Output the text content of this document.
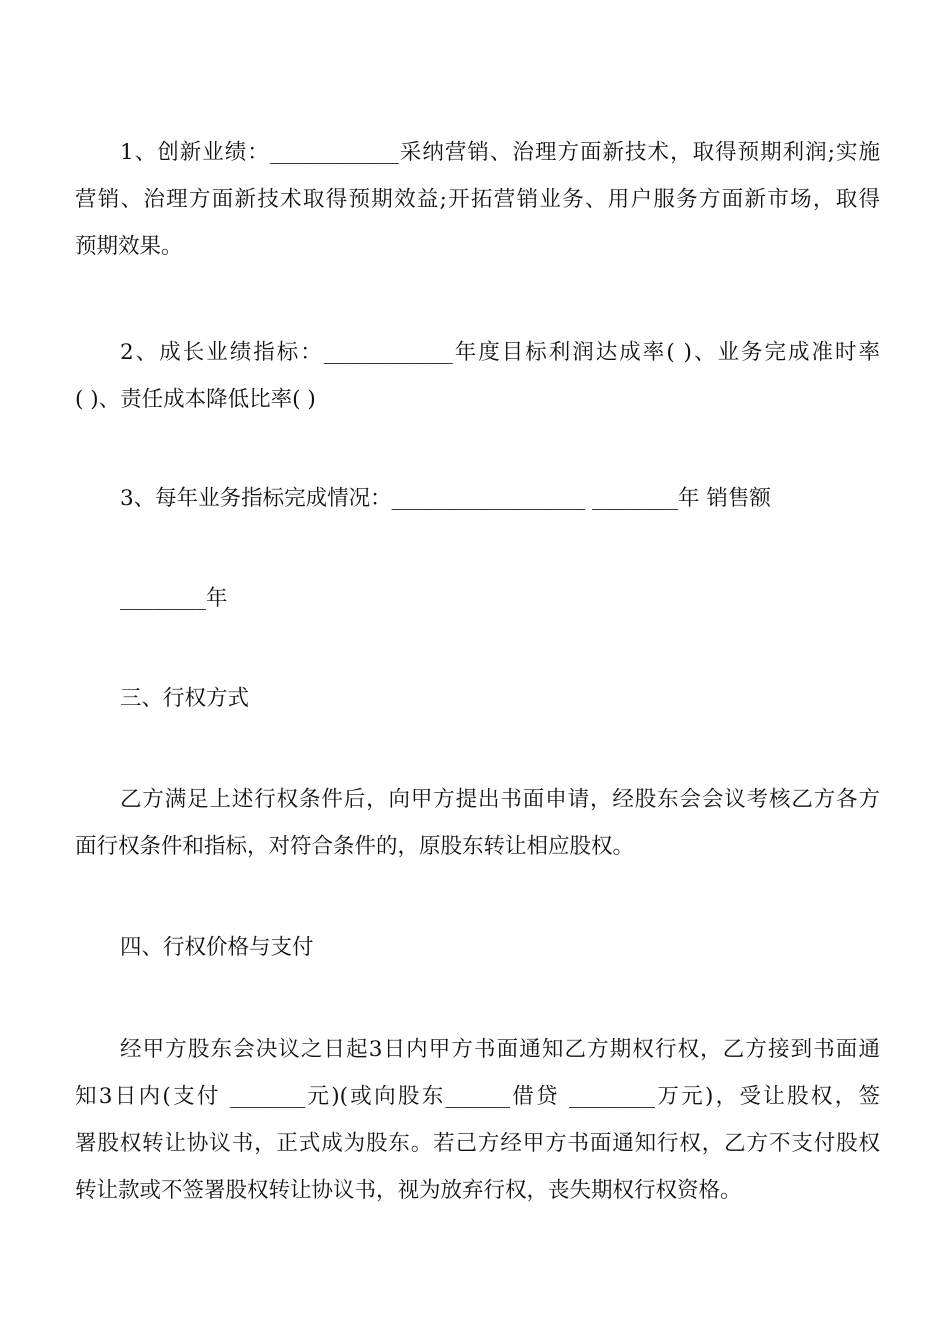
1、创新业绩：____________采纳营销、治理方面新技术，取得预期利润;实施
营销、治理方面新技术取得预期效益;开拓营销业务、用户服务方面新市场，取得
预期效果。
2、成长业绩指标：____________年度目标利润达成率( )、业务完成准时率
( )、责任成本降低比率( )
3、每年业务指标完成情况：__________________ ________年 销售额
________年
三、行权方式
乙方满足上述行权条件后，向甲方提出书面申请，经股东会会议考核乙方各方
面行权条件和指标，对符合条件的，原股东转让相应股权。
四、行权价格与支付
经甲方股东会决议之日起3日内甲方书面通知乙方期权行权，乙方接到书面通
知3日内(支付 _______元)(或向股东______借贷 ________万元)，受让股权，签
署股权转让协议书，正式成为股东。若己方经甲方书面通知行权，乙方不支付股权
转让款或不签署股权转让协议书，视为放弃行权，丧失期权行权资格。
